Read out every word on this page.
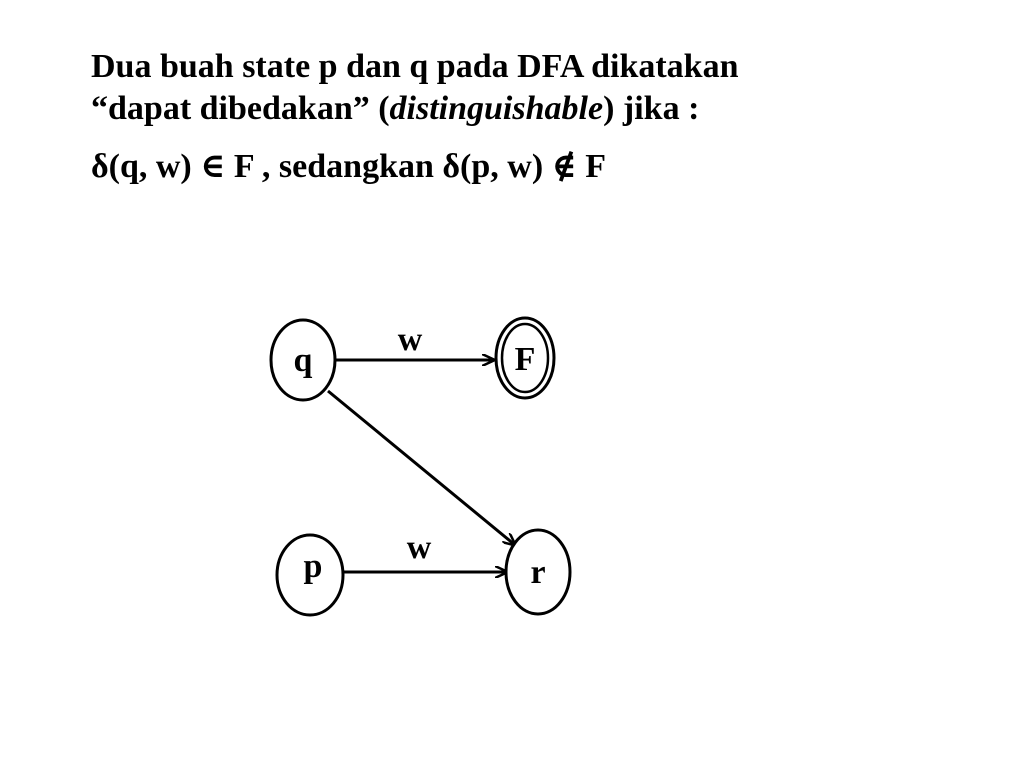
Dua buah state p dan q pada DFA dikatakan
“dapat dibedakan” (distinguishable) jika :
δ(q, w) ∈ F , sedangkan δ(p, w) ∉ F
q	F
p	r
w
w
